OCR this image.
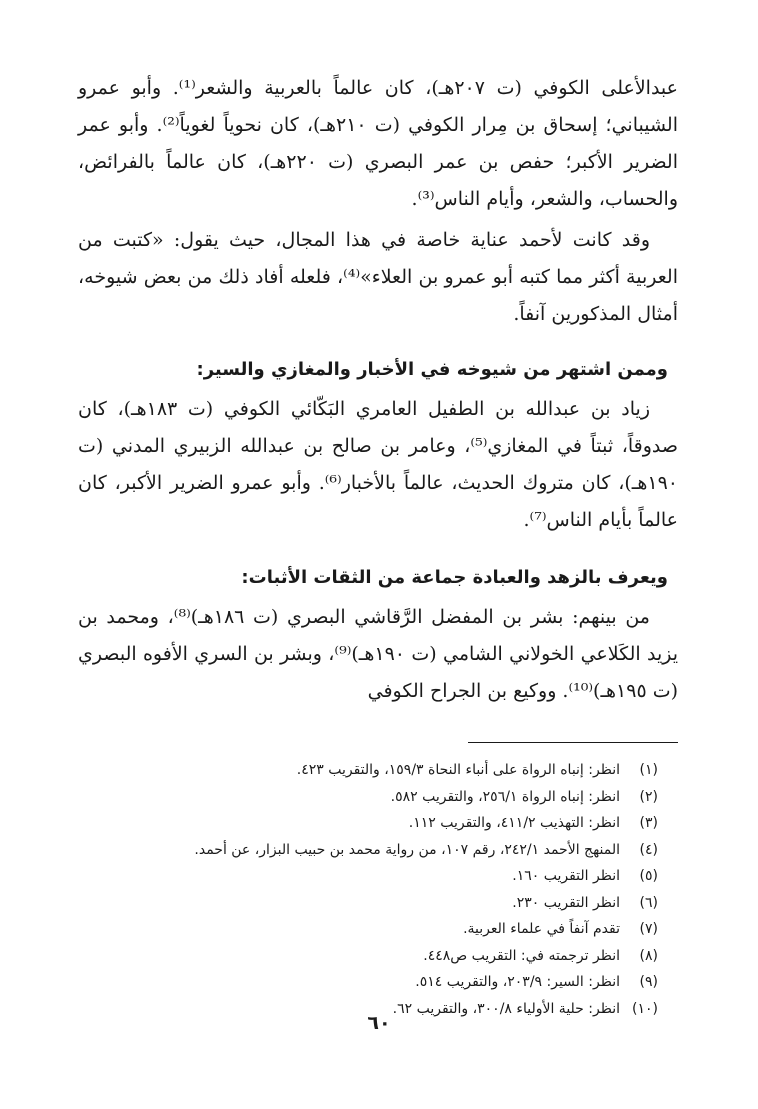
عبدالأعلى الكوفي (ت ٢٠٧هـ)، كان عالماً بالعربية والشعر⁽¹⁾. وأبو عمرو الشيباني؛ إسحاق بن مِرار الكوفي (ت ٢١٠هـ)، كان نحوياً لغوياً⁽²⁾. وأبو عمر الضرير الأكبر؛ حفص بن عمر البصري (ت ٢٢٠هـ)، كان عالماً بالفرائض، والحساب، والشعر، وأيام الناس⁽³⁾.

وقد كانت لأحمد عناية خاصة في هذا المجال، حيث يقول: «كتبت من العربية أكثر مما كتبه أبو عمرو بن العلاء»⁽⁴⁾، فلعله أفاد ذلك من بعض شيوخه، أمثال المذكورين آنفاً.

وممن اشتهر من شيوخه في الأخبار والمغازي والسير:

زياد بن عبدالله بن الطفيل العامري البَكّائي الكوفي (ت ١٨٣هـ)، كان صدوقاً، ثبتاً في المغازي⁽⁵⁾، وعامر بن صالح بن عبدالله الزبيري المدني (ت ١٩٠هـ)، كان متروك الحديث، عالماً بالأخبار⁽⁶⁾. وأبو عمرو الضرير الأكبر، كان عالماً بأيام الناس⁽⁷⁾.

ويعرف بالزهد والعبادة جماعة من الثقات الأثبات:

من بينهم: بشر بن المفضل الرَّقاشي البصري (ت ١٨٦هـ)⁽⁸⁾، ومحمد بن يزيد الكَلاعي الخولاني الشامي (ت ١٩٠هـ)⁽⁹⁾، وبشر بن السري الأفوه البصري (ت ١٩٥هـ)⁽¹⁰⁾. ووكيع بن الجراح الكوفي

(١)انظر: إنباه الرواة على أنباء النحاة ١٥٩/٣، والتقريب ٤٢٣.
(٢)انظر: إنباه الرواة ٢٥٦/١، والتقريب ٥٨٢.
(٣)انظر: التهذيب ٤١١/٢، والتقريب ١١٢.
(٤)المنهج الأحمد ٢٤٢/١، رقم ١٠٧، من رواية محمد بن حبيب البزار، عن أحمد.
(٥)انظر التقريب ١٦٠.
(٦)انظر التقريب ٢٣٠.
(٧)تقدم آنفاً في علماء العربية.
(٨)انظر ترجمته في: التقريب ص٤٤٨.
(٩)انظر: السير: ٢٠٣/٩، والتقريب ٥١٤.
(١٠)انظر: حلية الأولياء ٣٠٠/٨، والتقريب ٦٢.
٦٠
